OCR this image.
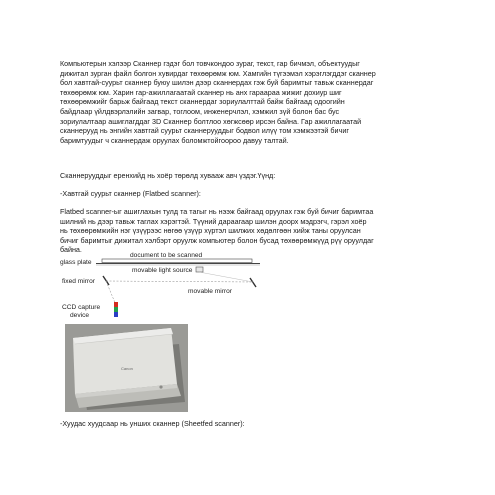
Компьютерын хэлээр Сканнер гэдэг бол товчкондоо зураг, текст, гар бичмэл, объектуудыг
дижитал зурган файл болгон хувирдаг төхөөрөмж юм. Хамгийн түгээмэл хэрэглэгддэг сканнер
бол хавтгай-суурьт сканнер буюу шилэн дээр сканнердах гэж буй баримтыг тавьж сканнердаг
төхөөрөмж юм. Харин гар-ажиллагаатай сканнер нь анх гараараа жижиг дохиур шиг
төхөөрөмжийг барьж байгаад текст сканнердаг зориулалттай байж байгаад одоогийн
байдлаар үйлдвэрлэлийн загвар, тоглоом, инженерчлэл, хэмжил зүй болон бас бус
зориулалтаар ашиглагддаг 3D Сканнер болтлоо хөгжсөөр ирсэн байна. Гар ажиллагаатай
сканнерууд нь энгийн хавтгай суурьт сканнерууддыг бодвол илүү том хэмжээтэй бичиг
баримтуудыг ч сканнердаж оруулах боломжтойгоороо давуу талтай.

Сканнерууддыг еренхийд нь хоёр төрөлд хувааж авч үздэг.Үүнд:

-Хавтгай суурьт сканнер (Flatbed scanner):

Flatbed scanner-ыг ашиглахын тулд та тагыг нь нээж байгаад оруулах гэж буй бичиг баримтаа
шилний нь дээр тавьж таглах хэрэгтэй. Түүний дараагаар шилэн доорх мэдрэгч, гэрэл хоёр
нь төхөөрөмжийн нэг үзүүрээс нөгөө үзүүр хүртэл шилжих хөдөлгөөн хийж таны оруулсан
бичиг баримтыг дижитал хэлбэрт оруулж компьютер болон бусад төхөөрөмжүүд рүү оруулдаг
байна.

document to be scanned
glass plate
movable light source
fixed mirror
movable mirror
CCD capture
device
Canon

-Хуудас хуудсаар нь унших сканнер (Sheetfed scanner):
